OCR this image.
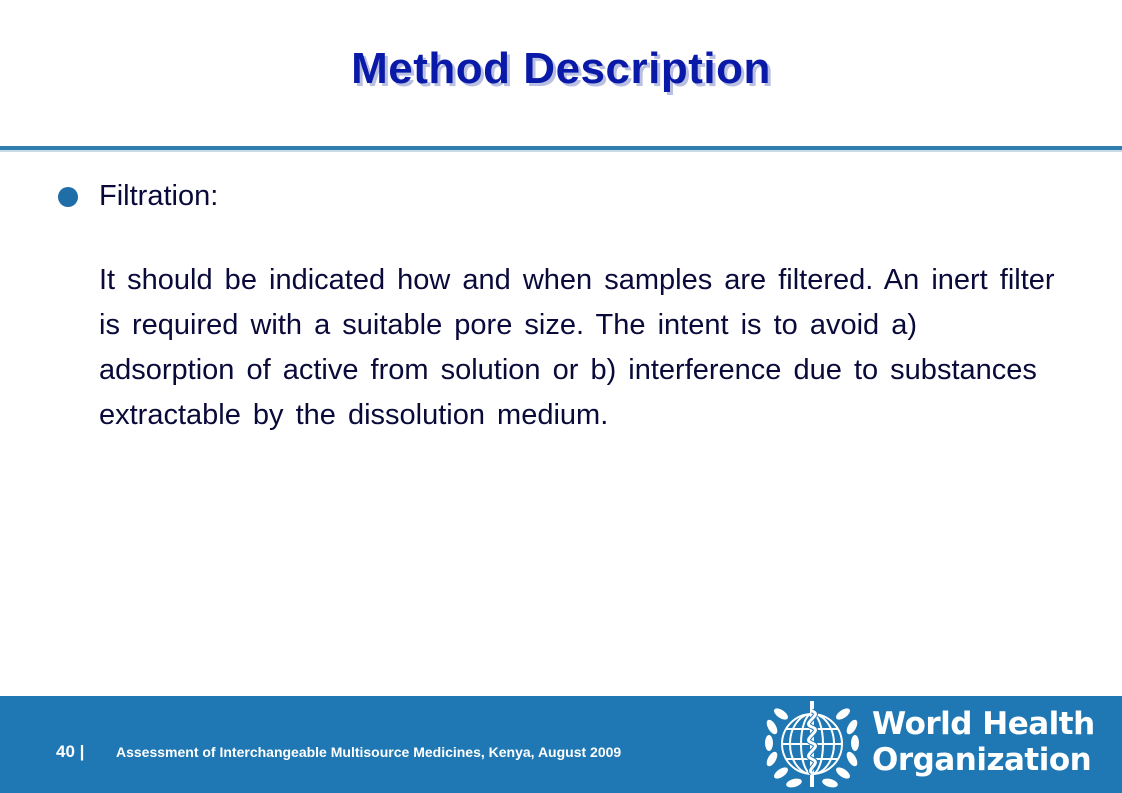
Method Description
Filtration:
It should be indicated how and when samples are filtered. An inert filter is required with a suitable pore size. The intent is to avoid a) adsorption of active from solution or b) interference due to substances extractable by the dissolution medium.
40 | Assessment of Interchangeable Multisource Medicines, Kenya, August 2009
World Health
Organization
